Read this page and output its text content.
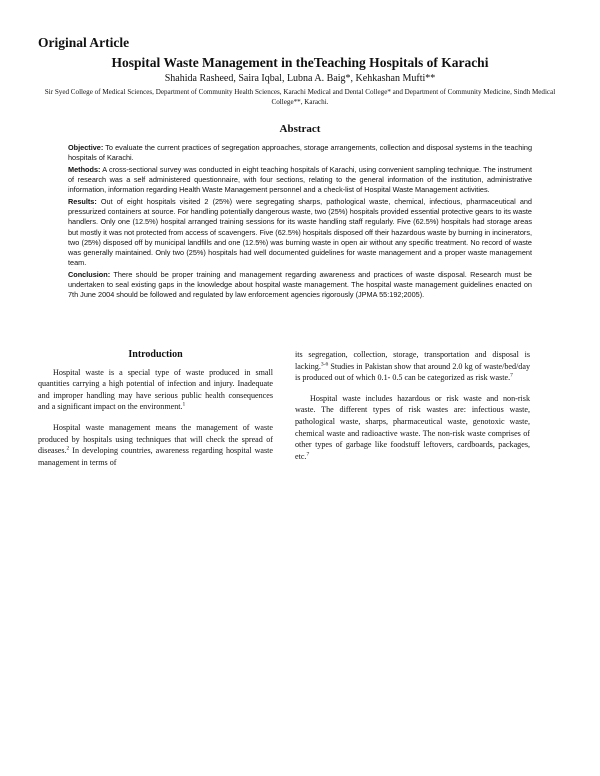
Original Article
Hospital Waste Management in theTeaching Hospitals of Karachi
Shahida Rasheed, Saira Iqbal, Lubna A. Baig*, Kehkashan Mufti**
Sir Syed College of Medical Sciences, Department of Community Health Sciences, Karachi Medical and Dental College* and Department of Community Medicine, Sindh Medical College**, Karachi.
Abstract

Objective: To evaluate the current practices of segregation approaches, storage arrangements, collection and disposal systems in the teaching hospitals of Karachi.

Methods: A cross-sectional survey was conducted in eight teaching hospitals of Karachi, using convenient sampling technique. The instrument of research was a self administered questionnaire, with four sections, relating to the general information of the institution, administrative information, information regarding Health Waste Management personnel and a check-list of Hospital Waste Management activities.

Results: Out of eight hospitals visited 2 (25%) were segregating sharps, pathological waste, chemical, infectious, pharmaceutical and pressurized containers at source. For handling potentially dangerous waste, two (25%) hospitals provided essential protective gears to its waste handlers. Only one (12.5%) hospital arranged training sessions for its waste handling staff regularly. Five (62.5%) hospitals had storage areas but mostly it was not protected from access of scavengers. Five (62.5%) hospitals disposed off their hazardous waste by burning in incinerators, two (25%) disposed off by municipal landfills and one (12.5%) was burning waste in open air without any specific treatment. No record of waste was generally maintained. Only two (25%) hospitals had well documented guidelines for waste management and a proper waste management team.

Conclusion: There should be proper training and management regarding awareness and practices of waste disposal. Research must be undertaken to seal existing gaps in the knowledge about hospital waste management. The hospital waste management guidelines enacted on 7th June 2004 should be followed and regulated by law enforcement agencies rigorously (JPMA 55:192;2005).

Introduction

Hospital waste is a special type of waste produced in small quantities carrying a high potential of infection and injury. Inadequate and improper handling may have serious public health consequences and a significant impact on the environment.$^1$

Hospital waste management means the management of waste produced by hospitals using techniques that will check the spread of diseases.$^2$ In developing countries, awareness regarding hospital waste management in terms of

its segregation, collection, storage, transportation and disposal is lacking.$^{3-6}$ Studies in Pakistan show that around 2.0 kg of waste/bed/day is produced out of which 0.1- 0.5 can be categorized as risk waste.$^7$

Hospital waste includes hazardous or risk waste and non-risk waste. The different types of risk wastes are: infectious waste, pathological waste, sharps, pharmaceutical waste, genotoxic waste, chemical waste and radioactive waste. The non-risk waste comprises of other types of garbage like foodstuff leftovers, cardboards, packages, etc.$^7$
